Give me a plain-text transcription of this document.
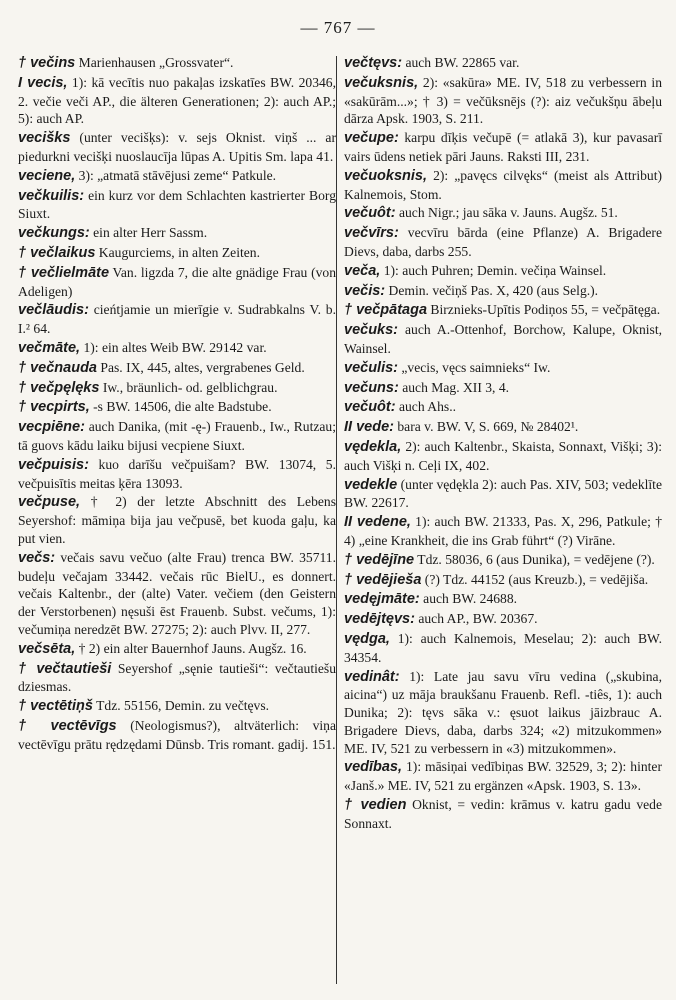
— 767 —

† večins Marienhausen „Grossvater“.

I vecis, 1): kā vecītis nuo pakaļas izskatīes BW. 20346, 2. večie veči AP., die älteren Generationen; 2): auch AP.; 5): auch AP.

vecišks (unter vecišķs): v. sejs Oknist. viņš ... ar piedurkni vecišķi nuoslaucīja lūpas A. Upitis Sm. lapa 41.

veciene, 3): „atmatā stāvējusi zeme“ Patkule.

večkuilis: ein kurz vor dem Schlachten kastrierter Borg Siuxt.

večkungs: ein alter Herr Sassm.

† večlaikus Kaugurciems, in alten Zeiten.

† večlielmāte Van. ligzda 7, die alte gnädige Frau (von Adeligen)

večlāudis: cieńtjamie un mierīgie v. Sudrabkalns V. b. I.² 64.

večmāte, 1): ein altes Weib BW. 29142 var.

† večnauda Pas. IX, 445, altes, vergrabenes Geld.

† večpęlęks Iw., bräunlich- od. gelblichgrau.

† vecpirts, -s BW. 14506, die alte Badstube.

vecpiēne: auch Danika, (mit -ę-) Frauenb., Iw., Rutzau; tā guovs kādu laiku bijusi vecpiene Siuxt.

večpuisis: kuo darīšu večpuišam? BW. 13074, 5. večpuisītis meitas ķēra 13093.

večpuse, † 2) der letzte Abschnitt des Lebens Seyershof: māmiņa bija jau večpusē, bet kuoda gaļu, ka put vien.

večs: večais savu večuo (alte Frau) trenca BW. 35711. budeļu večajam 33442. večais rūc BielU., es donnert. večais Kaltenbr., der (alte) Vater. večiem (den Geistern der Verstorbenen) nęsuši ēst Frauenb. Subst. večums, 1): večumiņa neredzēt BW. 27275; 2): auch Plvv. II, 277.

večsēta, † 2) ein alter Bauernhof Jauns. Augšz. 16.

† večtautieši Seyershof „sęnie tautieši“: večtautiešu dziesmas.

† vectētiņš Tdz. 55156, Demin. zu večtęvs.

† vectēvīgs (Neologismus?), altväterlich: viņa vectēvīgu prātu rędzędami Dūnsb. Tris romant. gadij. 151.

večtęvs: auch BW. 22865 var.

večuksnis, 2): «sakūra» ME. IV, 518 zu verbessern in «sakūrām...»; † 3) = večūksnējs (?): aiz večukšņu ābeļu dārza Apsk. 1903, S. 211.

večupe: karpu dīķis večupē (= atlakā 3), kur pavasarī vairs ūdens netiek pāri Jauns. Raksti III, 231.

večuoksnis, 2): „pavęcs cilvęks“ (meist als Attribut) Kalnemois, Stom.

večuôt: auch Nigr.; jau sāka v. Jauns. Augšz. 51.

večvīrs: vecvīru bārda (eine Pflanze) A. Brigadere Dievs, daba, darbs 255.

veča, 1): auch Puhren; Demin. večiņa Wainsel.

večis: Demin. večiņš Pas. X, 420 (aus Selg.).

† večpātaga Birznieks-Upītis Podiņos 55, = večpātęga.

večuks: auch A.-Ottenhof, Borchow, Kalupe, Oknist, Wainsel.

večulis: „vecis, vęcs saimnieks“ Iw.

večuns: auch Mag. XII 3, 4.

večuôt: auch Ahs..

II vede: bara v. BW. V, S. 669, № 28402¹.

vędekla, 2): auch Kaltenbr., Skaista, Sonnaxt, Višķi; 3): auch Višķi n. Ceļi IX, 402.

vedekle (unter vędękla 2): auch Pas. XIV, 503; vedeklīte BW. 22617.

II vedene, 1): auch BW. 21333, Pas. X, 296, Patkule; † 4) „eine Krankheit, die ins Grab führt“ (?) Virāne.

† vedējīne Tdz. 58036, 6 (aus Dunika), = vedējene (?).

† vedējieša (?) Tdz. 44152 (aus Kreuzb.), = vedējiša.

vedęjmāte: auch BW. 24688.

vedējtęvs: auch AP., BW. 20367.

vędga, 1): auch Kalnemois, Meselau; 2): auch BW. 34354.

vedinât: 1): Late jau savu vīru vedina („skubina, aicina“) uz māja braukšanu Frauenb. Refl. -tiês, 1): auch Dunika; 2): tęvs sāka v.: ęsuot laikus jāizbrauc A. Brigadere Dievs, daba, darbs 324; «2) mitzukommen» ME. IV, 521 zu verbessern in «3) mitzukommen».

vedības, 1): māsiņai vedībiņas BW. 32529, 3; 2): hinter «Janš.» ME. IV, 521 zu ergänzen «Apsk. 1903, S. 13».

† vedien Oknist, = vedin: krāmus v. katru gadu vede Sonnaxt.
